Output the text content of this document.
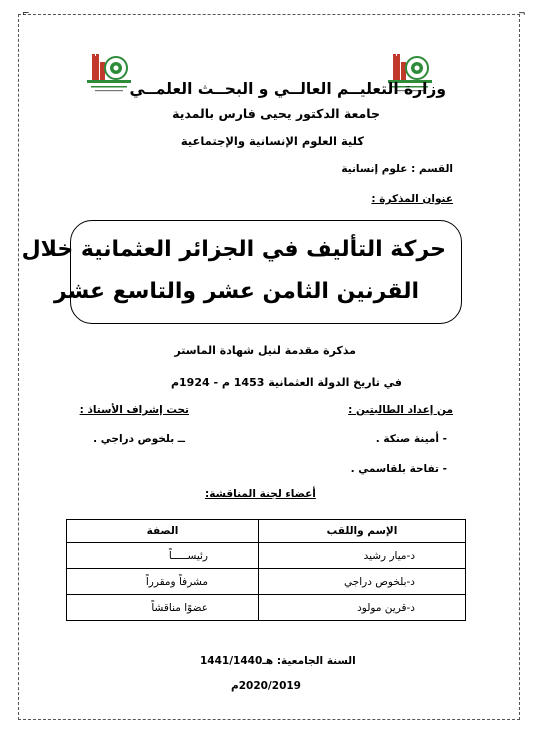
⌐	¬
وزارة التعليــم العالــي و البحــث العلمــي
جامعة الدكتور يحيى فارس بالمدية
كلية العلوم الإنسانية والإجتماعية
القسم : علوم إنسانية
عنوان المذكرة :
حركة التأليف في الجزائر العثمانية خلال
القرنين الثامن عشر والتاسع عشر
مذكرة مقدمة لنيل شهادة الماستر
في تاريخ الدولة العثمانية 1453 م - 1924م
من إعداد الطالبتين :
تحت إشراف الأستاذ :
- أمينة صنكة .
ــ بلخوص دراجي .
- تفاحة بلقاسمي .
أعضاء لجنة المناقشة:
الإسم واللقب	الصفة
د-ميار رشيد	رئيســـــاً
د-بلخوص دراجي	مشرفاً ومقرراً
د-قرين مولود	عضوًا مناقشاً
السنة الجامعية: 1441/1440هـ
2020/2019م
